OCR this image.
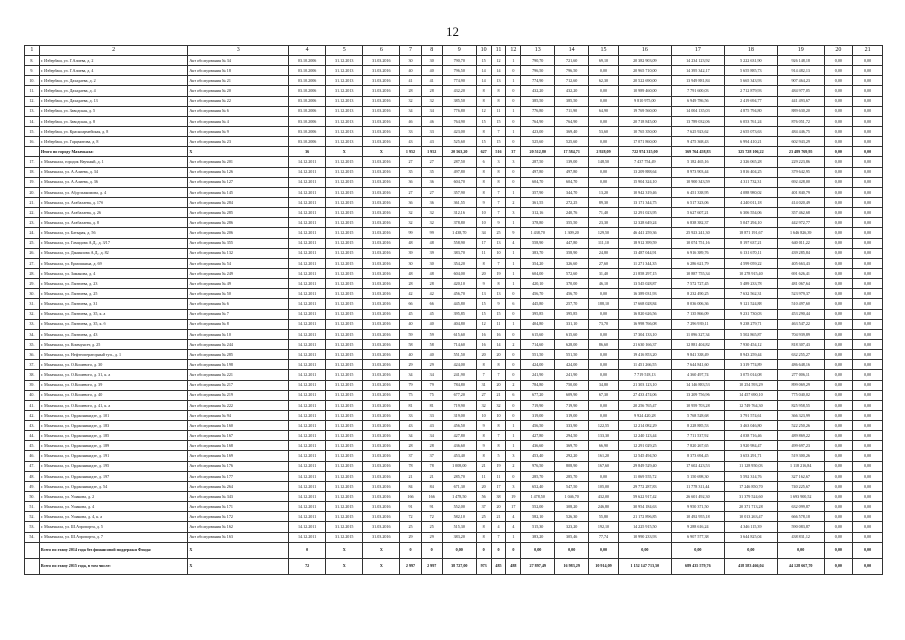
12
1	2	3	4	5	6	7	8	9	10	11	12	13	14	15	16	17	18	19	20	21
8.	г. Избербаш, ул. Г.Алиева, д. 2	Акт обследования № 34	03.10.2006	31.12.2013	31.03.2016	30	30	790,70	15	12	1	790,70	721,60	69,10	20 382 903,09	14 234 123,92	5 222 631,90	926 148,18	0,00	0,00
9.	г. Избербаш, ул. Г.Алиева, д. 4	Акт обследования № 18	03.10.2006	31.12.2013	31.03.2016	40	40	796,50	14	14	0	796,50	796,50	0,00	20 965 710,00	14 395 342,17	5 655 885,73	914 482,13	0,00	0,00
10.	г. Избербаш, ул. Дахадаева, д. 2	Акт обследования № 21	03.10.2006	31.12.2013	31.03.2016	41	41	774,90	14	13	1	774,90	712,60	62,30	20 522 690,00	13 949 881,84	5 665 343,93	907 464,23	0,00	0,00
11.	г. Избербаш, ул. Дахадаева, д. 4	Акт обследования № 20	03.10.2006	31.12.2013	31.03.2016	28	28	432,20	8	8	0	432,20	432,20	0,00	10 989 460,00	7 791 600,03	2 712 879,93	484 977,05	0,00	0,00
12.	г. Избербаш, ул. Дахадаева, д. 13	Акт обследования № 22	03.10.2006	31.12.2013	31.03.2016	32	32	385,50	8	8	0	385,50	385,50	0,00	9 810 975,00	6 949 786,56	2 419 694,77	441 493,67	0,00	0,00
13.	г. Избербаш, ул. Заводская, д. 5	Акт обследования № 6	03.10.2006	31.12.2013	31.03.2016	34	34	776,80	12	11	1	776,80	711,90	64,90	19 769 560,00	14 004 135,03	4 875 794,80	889 630,20	0,00	0,00
14.	г. Избербаш, ул. Заводская, д. 8	Акт обследования № 4	03.10.2006	31.12.2013	31.03.2016	46	46	764,90	15	15	0	764,90	764,90	0,00	20 718 845,00	13 789 032,06	6 053 761,24	876 051,72	0,00	0,00
15.	г. Избербаш, ул. Красноармейская, д. 8	Акт обследования № 9	03.10.2006	31.12.2013	31.03.2016	33	33	423,00	8	7	1	423,00	369,40	53,60	10 765 350,00	7 625 923,62	2 655 073,63	484 446,75	0,00	0,00
16.	г. Избербаш, ул. Гарцмитова, д. 8	Акт обследования № 23	03.10.2006	31.12.2013	31.03.2016	43	43	525,60	15	15	0	525,60	525,60	0,00	17 071 860,00	9 475 368,43	6 994 410,21	602 943,29	0,00	0,00
	Итого по городу Махачкала:	X	36	X	X	1 952	1 952	20 563,20	627	516	37	20 512,80	17 584,71	2 928,09	722 974 315,00	369 764 458,83	325 728 106,22	23 489 769,95	0,00	0,00
17.	г. Махачкала, городок Научный, д. 1	Акт обследования № 201	14.12.2011	31.12.2015	31.03.2016	27	27	287,50	6	3	3	287,50	139,00	148,50	7 437 754,49	5 182 465,16	2 326 065,28	229 223,86	0,00	0,00
18.	г. Махачкала, ул. А.Алиева, д. 34	Акт обследования № 126	14.12.2011	31.12.2015	31.03.2016	35	35	497,80	8	8	0	497,80	497,80	0,00	13 209 888,64	8 973 903,44	3 816 404,25	379 642,95	0,00	0,00
19.	г. Махачкала, ул. А.Алиева, д. 36	Акт обследования № 127	14.12.2011	31.12.2015	31.03.2016	36	36	604,70	8	8	0	604,70	604,70	0,00	15 904 324,10	10 900 343,59	4 311 732,31	692 428,00	0,00	0,00
20.	г. Махачкала, ул. Абдулхакимова, д. 4	Акт обследования № 145	14.12.2011	31.12.2015	31.03.2016	27	27	357,90	8	7	1	357,90	344,70	13,20	10 942 319,46	6 451 338,95	4 088 980,02	401 840,79	0,00	0,00
21.	г. Махачкала, ул. Агабалаева, д. 17б	Акт обследования № 284	14.12.2011	31.12.2015	31.03.2016	36	36	361,55	9	7	2	361,55	272,25	89,30	13 171 344,75	6 517 323,06	4 240 011,18	414 020,49	0,00	0,00
22.	г. Махачкала, ул. Агабалаева, д. 26	Акт обследования № 285	14.12.2011	31.12.2015	31.03.2016	32	32	312,16	10	7	3	312,16	240,76	71,40	12 291 023,95	5 627 607,21	6 306 554,06	357 462,68	0,00	0,00
23.	г. Махачкала, ул. Агабалаева, д. 8	Акт обследования № 286	14.12.2011	31.12.2015	31.03.2016	32	32	378,80	10	9	1	378,80	355,50	23,30	12 328 649,24	6 838 382,37	5 047 294,10	442 972,77	0,00	0,00
24.	г. Махачкала, ул. Батырая, д. 56	Акт обследования № 206	14.12.2011	31.12.2015	31.03.2016	99	99	1 438,70	34	25	9	1 438,70	1 309,20	129,50	46 441 259,36	25 923 241,30	18 871 191,67	1 646 826,39	0,00	0,00
25.	г. Махачкала, ул. Гамидова А.Д., д. 3/17	Акт обследования № 355	14.12.2011	31.12.2015	31.03.2016	48	48	558,90	17	13	4	558,90	447,80	111,10	18 912 399,59	10 074 751,16	8 197 637,21	640 011,22	0,00	0,00
26.	г. Махачкала, ул. Даниялова А.Д., д. 82	Акт обследования № 132	14.12.2011	31.12.2015	31.03.2016	39	39	383,70	11	10	1	383,70	358,90	24,80	13 487 044,91	6 916 389,76	6 131 670,11	439 285,84	0,00	0,00
27.	г. Махачкала, ул. Ермошкина, д. 69	Акт обследования № 54	14.12.2011	31.12.2015	31.03.2016	30	30	354,20	8	7	1	354,20	326,60	27,60	11 271 344,35	6 286 621,79	4 599 059,22	405 663,43	0,00	0,00
28.	г. Махачкала, ул. Заманова, д. 4	Акт обследования № 249	14.12.2011	31.12.2015	31.03.2016	48	48	604,00	20	19	1	604,00	572,60	31,40	21 858 297,15	10 887 755,34	10 278 915,40	691 626,41	0,00	0,00
29.	г. Махачкала, ул. Лаптиева, д. 23	Акт обследования № 49	14.12.2011	31.12.2015	31.03.2016	28	28	420,10	9	8	1	420,10	370,00	46,10	13 545 028,87	7 572 727,45	5 489 233,78	481 067,64	0,00	0,00
30.	г. Махачкала, ул. Лаптиева, д. 25	Акт обследования № 50	14.12.2011	31.12.2015	31.03.2016	42	42	456,70	13	13	0	456,70	456,70	0,00	16 389 031,93	8 232 490,25	7 632 562,31	523 979,37	0,00	0,00
31.	г. Махачкала, ул. Лаптиева, д. 31	Акт обследования № 6	14.12.2011	31.12.2015	31.03.2016	66	66	445,80	15	9	6	445,80	257,70	188,10	17 668 028,84	8 036 006,36	9 121 524,88	510 497,60	0,00	0,00
32.	г. Махачкала, ул. Лаптиева, д. 35, к. а	Акт обследования № 7	14.12.2011	31.12.2015	31.03.2016	45	45	395,85	15	15	0	395,85	395,85	0,00	16 820 626,56	7 135 866,09	9 231 730,03	453 290,44	0,00	0,00
33.	г. Махачкала, ул. Лаптиева, д. 35, к. б	Акт обследования № 8	14.12.2011	31.12.2015	31.03.2016	40	40	404,80	12	11	1	404,80	331,10	73,70	16 998 766,08	7 296 939,11	9 238 279,71	463 547,22	0,00	0,00
34.	г. Махачкала, ул. Лаптиева, д. 43	Акт обследования № 10	14.12.2011	31.12.2015	31.03.2016	59	59	615,60	16	16	0	615,60	615,60	0,00	17 304 133,10	11 096 327,34	5 502 865,87	704 939,89	0,00	0,00
35.	г. Махачкала, ул. Коммунсет, д. 25	Акт обследования № 244	14.12.2011	31.12.2015	31.03.2016	58	58	714,60	16	14	2	714,60	628,00	86,60	21 630 166,37	12 881 404,82	7 930 454,12	818 307,43	0,00	0,00
36.	г. Махачкала, ул. Нефтеоператорный туп., д. 1	Акт обследования № 285	14.12.2011	31.12.2015	31.03.2016	40	40	551,50	20	20	0	551,50	551,50	0,00	19 416 853,20	9 841 338,49	8 943 259,44	632 255,27	0,00	0,00
37.	г. Махачкала, ул. О.Кошевого, д. 30	Акт обследования № 198	14.12.2011	31.12.2015	31.03.2016	29	29	424,00	8	8	0	424,00	424,00	0,00	11 451 266,55	7 644 841,60	3 319 774,89	486 648,16	0,00	0,00
38.	г. Махачкала, ул. О.Кошевого, д. 31, к. а	Акт обследования № 221	14.12.2011	31.12.2015	31.03.2016	34	34	241,90	7	7	0	241,90	241,90	0,00	7 719 518,13	4 360 497,74	3 075 014,08	277 006,11	0,00	0,00
39.	г. Махачкала, ул. О.Кошевого, д. 39	Акт обследования № 217	14.12.2011	31.12.2015	31.03.2016	79	79	784,80	31	20	2	784,80	750,00	34,80	21 303 123,10	14 146 883,53	10 254 593,29	899 069,29	0,00	0,00
40.	г. Махачкала, ул. О.Кошевого, д. 40	Акт обследования № 219	14.12.2011	31.12.2015	31.03.2016	75	75	677,20	27	21	6	677,20	609,90	67,30	27 433 474,06	13 209 756,96	14 457 690,10	775 040,02	0,00	0,00
41.	г. Махачкала, ул. О.Кошевого, д. 41, к. а	Акт обследования № 222	14.12.2011	31.12.2015	31.03.2016	81	81	719,90	32	32	0	719,90	719,90	0,00	20 256 765,47	10 959 703,28	12 749 764,30	825 958,55	0,00	0,00
42.	г. Махачкала, ул. Орджоникидзе, д. 101	Акт обследования № 94	14.12.2011	31.12.2015	31.03.2016	33	33	319,00	10	10	0	319,00	319,00	0,00	9 924 420,28	5 768 528,68	3 791 574,61	366 323,99	0,00	0,00
43.	г. Махачкала, ул. Орджоникидзе, д. 183	Акт обследования № 160	14.12.2011	31.12.2015	31.03.2016	43	43	456,50	9	8	1	456,50	333,90	122,55	12 214 082,29	8 228 885,53	3 463 046,80	522 250,26	0,00	0,00
44.	г. Махачкала, ул. Орджоникидзе, д. 185	Акт обследования № 167	14.12.2011	31.12.2015	31.03.2016	34	34	427,80	8	7	1	427,80	294,50	133,30	12 240 123,44	7 711 537,92	4 038 716,46	489 869,22	0,00	0,00
45.	г. Махачкала, ул. Орджоникидзе, д. 189	Акт обследования № 168	14.12.2011	31.12.2015	31.03.2016	28	28	436,60	9	8	1	436,60	369,70	66,90	12 291 029,25	7 820 267,65	3 920 984,47	499 697,23	0,00	0,00
46.	г. Махачкала, ул. Орджоникидзе, д. 191	Акт обследования № 169	14.12.2011	31.12.2015	31.03.2016	37	37	453,40	8	5	3	453,40	292,20	161,20	12 545 494,50	8 373 694,45	3 653 291,71	519 300,26	0,00	0,00
47.	г. Махачкала, ул. Орджоникидзе, д. 195	Акт обследования № 176	14.12.2011	31.12.2015	31.03.2016	78	78	1 008,00	21	19	2	976,50	808,90	167,60	29 849 529,40	17 602 423,53	11 128 950,03	1 118 216,84	0,00	0,00
48.	г. Махачкала, ул. Орджоникидзе, д. 197	Акт обследования № 177	14.12.2011	31.12.2015	31.03.2016	21	21	285,70	11	11	0	285,70	285,70	0,00	11 069 555,72	5 150 698,30	5 592 314,76	327 162,67	0,00	0,00
49.	г. Махачкала, ул. Орджоникидзе, д. 54	Акт обследования № 264	14.12.2011	31.12.2015	31.03.2016	84	84	671,30	20	17	3	652,40	547,50	105,00	29 772 287,83	11 778 311,44	17 246 850,70	740 225,67	0,00	0,00
50.	г. Махачкала, ул. Ушакова, д. 2	Акт обследования № 343	14.12.2011	31.12.2015	31.03.2016	166	166	1 478,50	56	38	19	1 478,50	1 046,70	432,00	59 622 917,42	26 601 492,30	31 379 524,60	1 693 900,52	0,00	0,00
51.	г. Махачкала, ул. Ушакова, д. 4	Акт обследования № 171	14.12.2011	31.12.2015	31.03.2016	91	91	552,00	37	20	17	552,00	308,20	246,80	30 954 184,63	9 950 371,50	20 371 713,28	632 099,87	0,00	0,00
52.	г. Махачкала, ул. Ушакова, д. 4, к. а	Акт обследования № 172	14.12.2011	31.12.2015	31.03.2016	72	72	582,10	25	21	4	582,10	526,30	55,80	21 172 896,85	10 492 955,18	10 013 263,47	666 578,18	0,00	0,00
53.	г. Махачкала, ул. Ш.Аэропорта, д. 5	Акт обследования № 162	14.12.2011	31.12.2015	31.03.2016	25	25	515,30	8	4	4	515,30	323,20	192,10	14 225 915,50	9 288 616,24	4 346 115,39	590 083,87	0,00	0,00
54.	г. Махачкала, ул. Ш.Аэропорта, д. 7	Акт обследования № 163	14.12.2011	31.12.2015	31.03.2016	29	29	383,20	8	7	1	383,20	305,46	77,74	10 990 233,93	6 907 577,38	3 644 825,04	438 831,12	0,00	0,00
	Всего по этапу 2014 года без финансовой поддержки Фонда:	X	0	X	X	0	0	0,00	0	0	0	0,00	0,00	0,00	0,00	0,00	0,00	0,00	0,00	0,00
	Всего по этапу 2015 года, в том числе:	X	72	X	X	2 997	2 997	38 727,00	973	485	488	27 897,49	16 983,29	10 914,09	1 152 147 713,50	689 435 579,76	418 583 466,04	44 128 667,70	0,00	0,00
